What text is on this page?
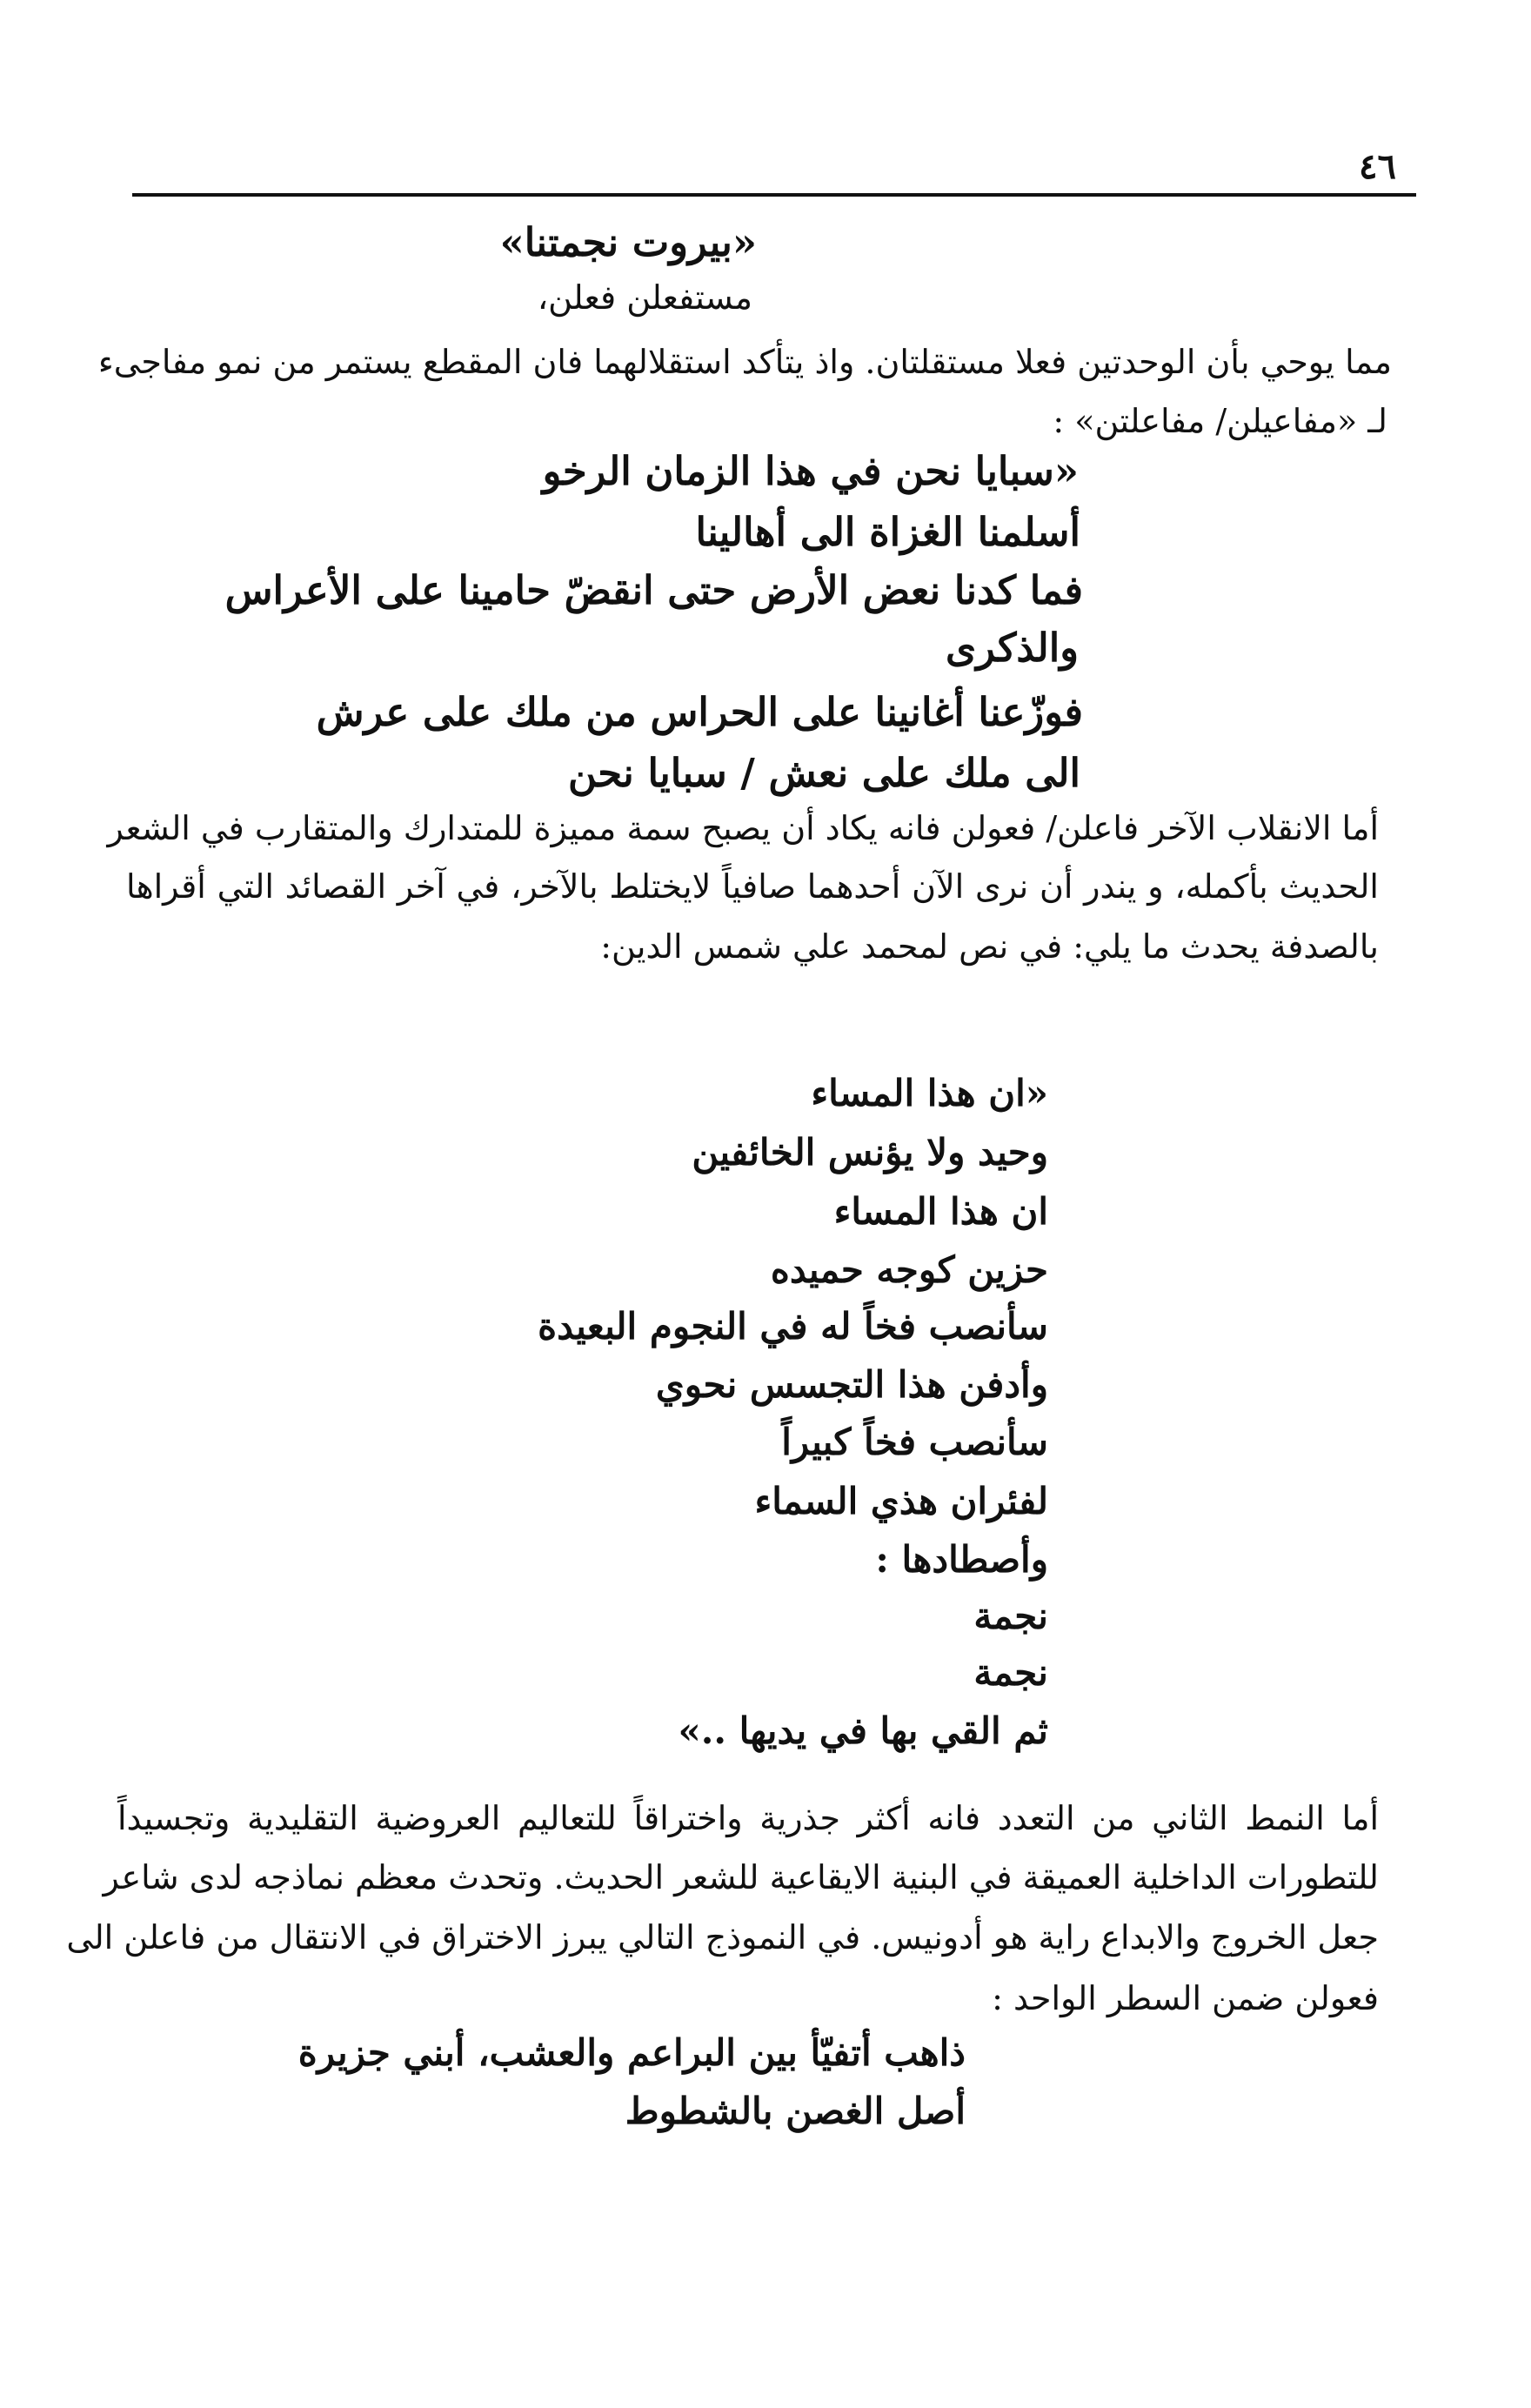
٤٦
«بيروت نجمتنا»
مستفعلن فعلن،
مما يوحي بأن الوحدتين فعلا مستقلتان. واذ يتأكد استقلالهما فان المقطع يستمر من نمو مفاجىء
لـ «مفاعيلن/ مفاعلتن» :
«سبايا نحن في هذا الزمان الرخو
أسلمنا الغزاة الى أهالينا
فما كدنا نعض الأرض حتى انقضّ حامينا على الأعراس
والذكرى
فوزّعنا أغانينا على الحراس من ملك على عرش
الى ملك على نعش / سبايا نحن
أما الانقلاب الآخر فاعلن/ فعولن فانه يكاد أن يصبح سمة مميزة للمتدارك والمتقارب في الشعر
الحديث بأكمله، و يندر أن نرى الآن أحدهما صافياً لايختلط بالآخر، في آخر القصائد التي أقراها
بالصدفة يحدث ما يلي: في نص لمحمد علي شمس الدين:
«ان هذا المساء
وحيد ولا يؤنس الخائفين
ان هذا المساء
حزين كوجه حميده
سأنصب فخاً له في النجوم البعيدة
وأدفن هذا التجسس نحوي
سأنصب فخاً كبيراً
لفئران هذي السماء
وأصطادها :
نجمة
نجمة
ثم القي بها في يديها ..»
أما النمط الثاني من التعدد فانه أكثر جذرية واختراقاً للتعاليم العروضية التقليدية وتجسيداً
للتطورات الداخلية العميقة في البنية الايقاعية للشعر الحديث. وتحدث معظم نماذجه لدى شاعر
جعل الخروج والابداع راية هو أدونيس. في النموذج التالي يبرز الاختراق في الانتقال من فاعلن الى
فعولن ضمن السطر الواحد :
ذاهب أتفيّأ بين البراعم والعشب، أبني جزيرة
أصل الغصن بالشطوط
